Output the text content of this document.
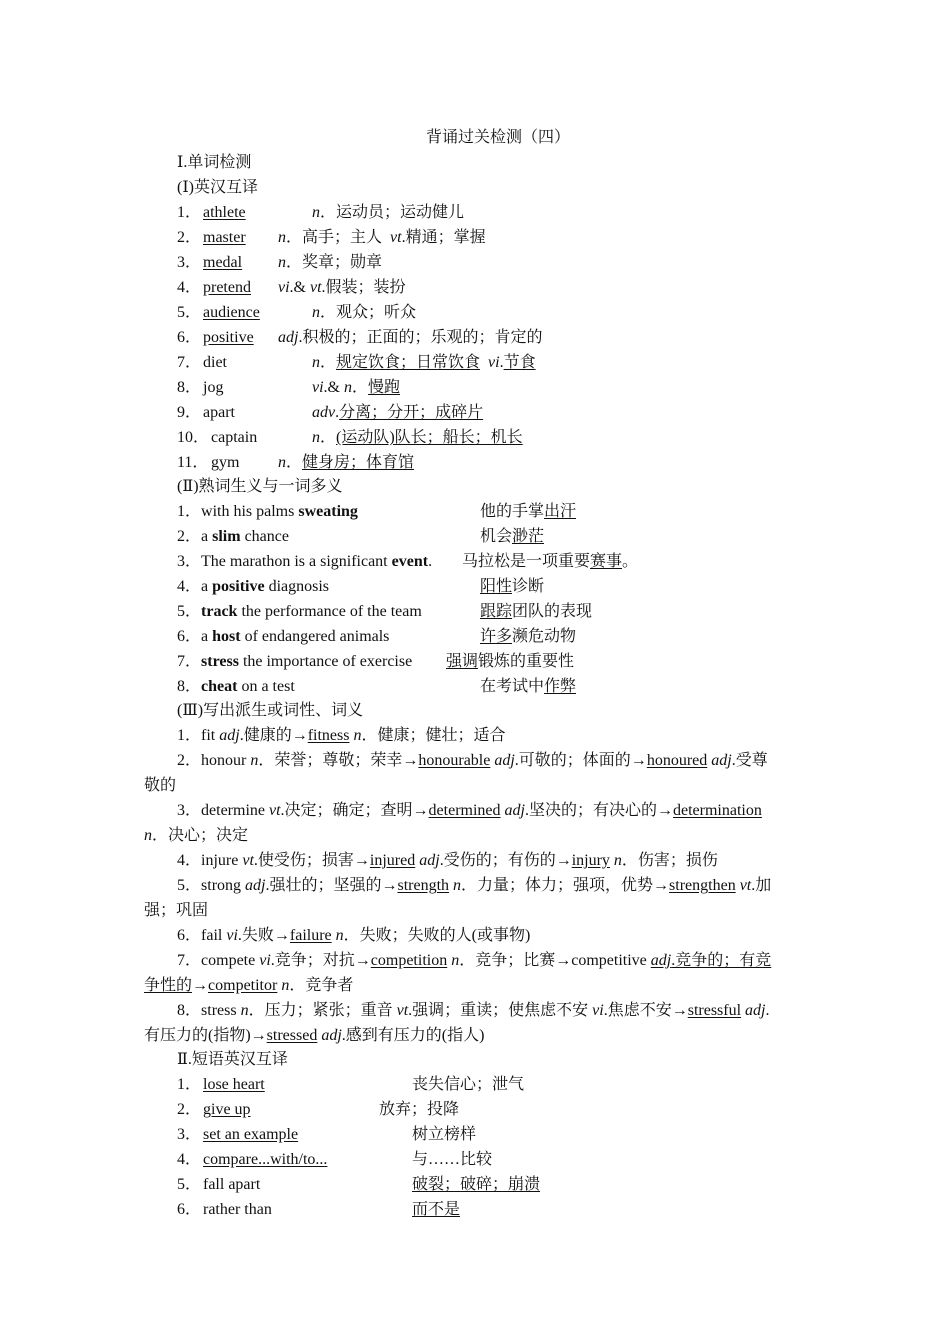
背诵过关检测（四）
Ⅰ.单词检测
(Ⅰ)英汉互译
1． athlete	n．运动员；运动健儿
2． master n．高手；主人 vt.精通；掌握
3． medal n．奖章；勋章
4． pretend vi.& vt.假装；装扮
5． audience	n．观众；听众
6． positive adj.积极的；正面的；乐观的；肯定的
7． diet	n．规定饮食；日常饮食 vi.节食
8． jog	vi.& n．慢跑
9． apart	adv.分离；分开；成碎片
10． captain	n．(运动队)队长；船长；机长
11． gym n．健身房；体育馆
(Ⅱ)熟词生义与一词多义
1．with his palms sweating	他的手掌出汗
2．a slim chance	机会渺茫
3．The marathon is a significant event. 马拉松是一项重要赛事。
4．a positive diagnosis	阳性诊断
5．track the performance of the team	跟踪团队的表现
6．a host of endangered animals	许多濒危动物
7．stress the importance of exercise 强调锻炼的重要性
8．cheat on a test	在考试中作弊
(Ⅲ)写出派生或词性、词义
1．fit adj.健康的→fitness n．健康；健壮；适合
2．honour n．荣誉；尊敬；荣幸→honourable adj.可敬的；体面的→honoured adj.受尊
敬的
3．determine vt.决定；确定；查明→determined adj.坚决的；有决心的→determination
n．决心；决定
4．injure vt.使受伤；损害→injured adj.受伤的；有伤的→injury n．伤害；损伤
5．strong adj.强壮的；坚强的→strength n．力量；体力；强项，优势→strengthen vt.加
强；巩固
6．fail vi.失败→failure n．失败；失败的人(或事物)
7．compete vi.竞争；对抗→competition n．竞争；比赛→competitive adj.竞争的；有竞
争性的→competitor n．竞争者
8．stress n．压力；紧张；重音 vt.强调；重读；使焦虑不安 vi.焦虑不安→stressful adj.
有压力的(指物)→stressed adj.感到有压力的(指人)
Ⅱ.短语英汉互译
1． lose heart	丧失信心；泄气
2． give up	放弃；投降
3． set an example	树立榜样
4． compare...with/to...	与……比较
5． fall apart	破裂；破碎；崩溃
6． rather than	而不是
